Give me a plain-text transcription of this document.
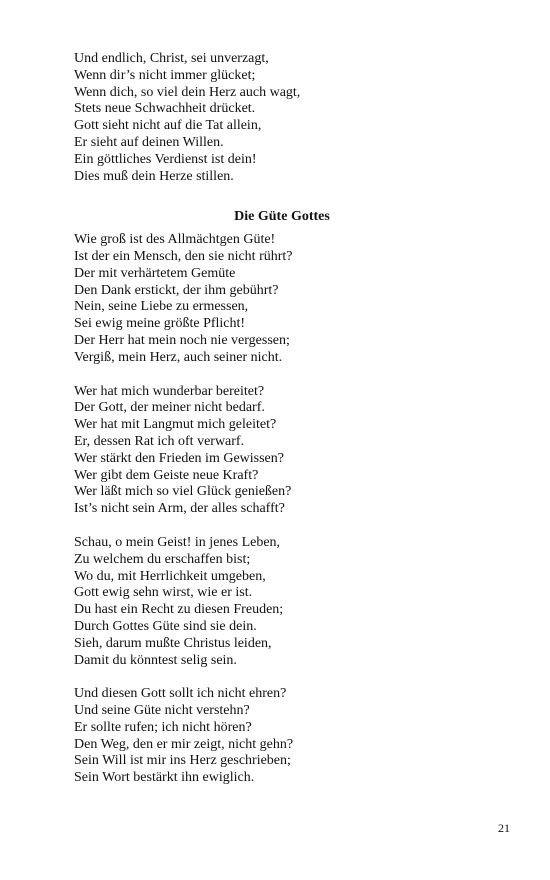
Und endlich, Christ, sei unverzagt,
Wenn dir’s nicht immer glücket;
Wenn dich, so viel dein Herz auch wagt,
Stets neue Schwachheit drücket.
Gott sieht nicht auf die Tat allein,
Er sieht auf deinen Willen.
Ein göttliches Verdienst ist dein!
Dies muß dein Herze stillen.
Die Güte Gottes
Wie groß ist des Allmächtgen Güte!
Ist der ein Mensch, den sie nicht rührt?
Der mit verhärtetem Gemüte
Den Dank erstickt, der ihm gebührt?
Nein, seine Liebe zu ermessen,
Sei ewig meine größte Pflicht!
Der Herr hat mein noch nie vergessen;
Vergiß, mein Herz, auch seiner nicht.
Wer hat mich wunderbar bereitet?
Der Gott, der meiner nicht bedarf.
Wer hat mit Langmut mich geleitet?
Er, dessen Rat ich oft verwarf.
Wer stärkt den Frieden im Gewissen?
Wer gibt dem Geiste neue Kraft?
Wer läßt mich so viel Glück genießen?
Ist’s nicht sein Arm, der alles schafft?
Schau, o mein Geist! in jenes Leben,
Zu welchem du erschaffen bist;
Wo du, mit Herrlichkeit umgeben,
Gott ewig sehn wirst, wie er ist.
Du hast ein Recht zu diesen Freuden;
Durch Gottes Güte sind sie dein.
Sieh, darum mußte Christus leiden,
Damit du könntest selig sein.
Und diesen Gott sollt ich nicht ehren?
Und seine Güte nicht verstehn?
Er sollte rufen; ich nicht hören?
Den Weg, den er mir zeigt, nicht gehn?
Sein Will ist mir ins Herz geschrieben;
Sein Wort bestärkt ihn ewiglich.
21
